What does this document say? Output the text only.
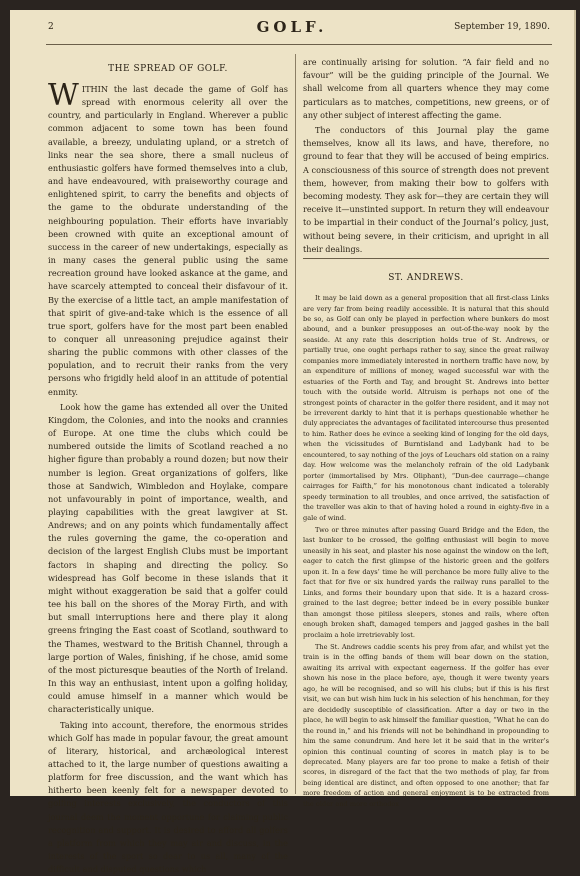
2	GOLF.	September 19, 1890.
THE SPREAD OF GOLF.

WITHIN the last decade the game of Golf has spread with enormous celerity all over the country, and particularly in England. Wherever a public common adjacent to some town has been found available, a breezy, undulating upland, or a stretch of links near the sea shore, there a small nucleus of enthusiastic golfers have formed themselves into a club, and have endeavoured, with praiseworthy courage and enlightened spirit, to carry the benefits and objects of the game to the obdurate understanding of the neighbouring population. Their efforts have invariably been crowned with quite an exceptional amount of success in the career of new undertakings, especially as in many cases the general public using the same recreation ground have looked askance at the game, and have scarcely attempted to conceal their disfavour of it. By the exercise of a little tact, an ample manifestation of that spirit of give-and-take which is the essence of all true sport, golfers have for the most part been enabled to conquer all unreasoning prejudice against their sharing the public commons with other classes of the population, and to recruit their ranks from the very persons who frigidly held aloof in an attitude of potential enmity.

Look how the game has extended all over the United Kingdom, the Colonies, and into the nooks and crannies of Europe. At one time the clubs which could be numbered outside the limits of Scotland reached a no higher figure than probably a round dozen; but now their number is legion. Great organizations of golfers, like those at Sandwich, Wimbledon and Hoylake, compare not unfavourably in point of importance, wealth, and playing capabilities with the great lawgiver at St. Andrews; and on any points which fundamentally affect the rules governing the game, the co-operation and decision of the largest English Clubs must be important factors in shaping and directing the policy. So widespread has Golf become in these islands that it might without exaggeration be said that a golfer could tee his ball on the shores of the Moray Firth, and with but small interruptions here and there play it along greens fringing the East coast of Scotland, southward to the Thames, westward to the British Channel, through a large portion of Wales, finishing, if he chose, amid some of the most picturesque beauties of the North of Ireland. In this way an enthusiast, intent upon a golfing holiday, could amuse himself in a manner which would be characteristically unique.

Taking into account, therefore, the enormous strides which Golf has made in popular favour, the great amount of literary, historical, and archæological interest attached to it, the large number of questions awaiting a platform for free discussion, and the want which has hitherto been keenly felt for a newspaper devoted to golfing interests exclusively, the conductors of this journal deem the moment opportune for claiming public recognition and support. It is desired to afford all golfers a platform from which they may air and discuss, in the interests of the sport so dear to us all, many of the difficult and disputed questions which

are continually arising for solution. “A fair field and no favour” will be the guiding principle of the Journal. We shall welcome from all quarters whence they may come particulars as to matches, competitions, new greens, or of any other subject of interest affecting the game.

The conductors of this Journal play the game themselves, know all its laws, and have, therefore, no ground to fear that they will be accused of being empirics. A consciousness of this source of strength does not prevent them, however, from making their bow to golfers with becoming modesty. They ask for—they are certain they will receive it—unstinted support. In return they will endeavour to be impartial in their conduct of the Journal’s policy, just, without being severe, in their criticism, and upright in all their dealings.

ST. ANDREWS.

It may be laid down as a general proposition that all first-class Links are very far from being readily accessible. It is natural that this should be so, as Golf can only be played in perfection where bunkers do most abound, and a bunker presupposes an out-of-the-way nook by the seaside. At any rate this description holds true of St. Andrews, or partially true, one ought perhaps rather to say, since the great railway companies more immediately interested in northern traffic have now, by an expenditure of millions of money, waged successful war with the estuaries of the Forth and Tay, and brought St. Andrews into better touch with the outside world. Altruism is perhaps not one of the strongest points of character in the golfer there resident, and it may not be irreverent darkly to hint that it is perhaps questionable whether he duly appreciates the advantages of facilitated intercourse thus presented to him. Rather does he evince a seeking kind of longing for the old days, when the vicissitudes of Burntisland and Ladybank had to be encountered, to say nothing of the joys of Leuchars old station on a rainy day. How welcome was the melancholy refrain of the old Ladybank porter (immortalised by Mrs. Oliphant), “Dun-dee caurrage—change cairrages for Faifth,” for his monotonous chant indicated a tolerably speedy termination to all troubles, and once arrived, the satisfaction of the traveller was akin to that of having holed a round in eighty-five in a gale of wind.

Two or three minutes after passing Guard Bridge and the Eden, the last bunker to be crossed, the golfing enthusiast will begin to move uneasily in his seat, and plaster his nose against the window on the left, eager to catch the first glimpse of the historic green and the golfers upon it. In a few days’ time he will perchance be more fully alive to the fact that for five or six hundred yards the railway runs parallel to the Links, and forms their boundary upon that side. It is a hazard cross-grained to the last degree; better indeed be in every possible bunker than amongst those pitiless sleepers, stones and rails, where often enough broken shaft, damaged tempers and jagged gashes in the ball proclaim a hole irretrievably lost.

The St. Andrews caddie scents his prey from afar, and whilst yet the train is in the offing bands of them will bear down on the station, awaiting its arrival with expectant eagerness. If the golfer has ever shown his nose in the place before, aye, though it were twenty years ago, he will be recognised, and so will his clubs; but if this is his first visit, we can but wish him luck in his selection of his henchman, for they are decidedly susceptible of classification. After a day or two in the place, he will begin to ask himself the familiar question, “What he can do the round in,” and his friends will not be behindhand in propounding to him the same conundrum. And here let it be said that in the writer’s opinion this continual counting of scores in match play is to be deprecated. Many players are far too prone to make a fetish of their scores, in disregard of the fact that the two methods of play, far from being identical are distinct, and often opposed to one another; that far more freedom of action and general enjoyment is to be extracted from the older and more orthodox
